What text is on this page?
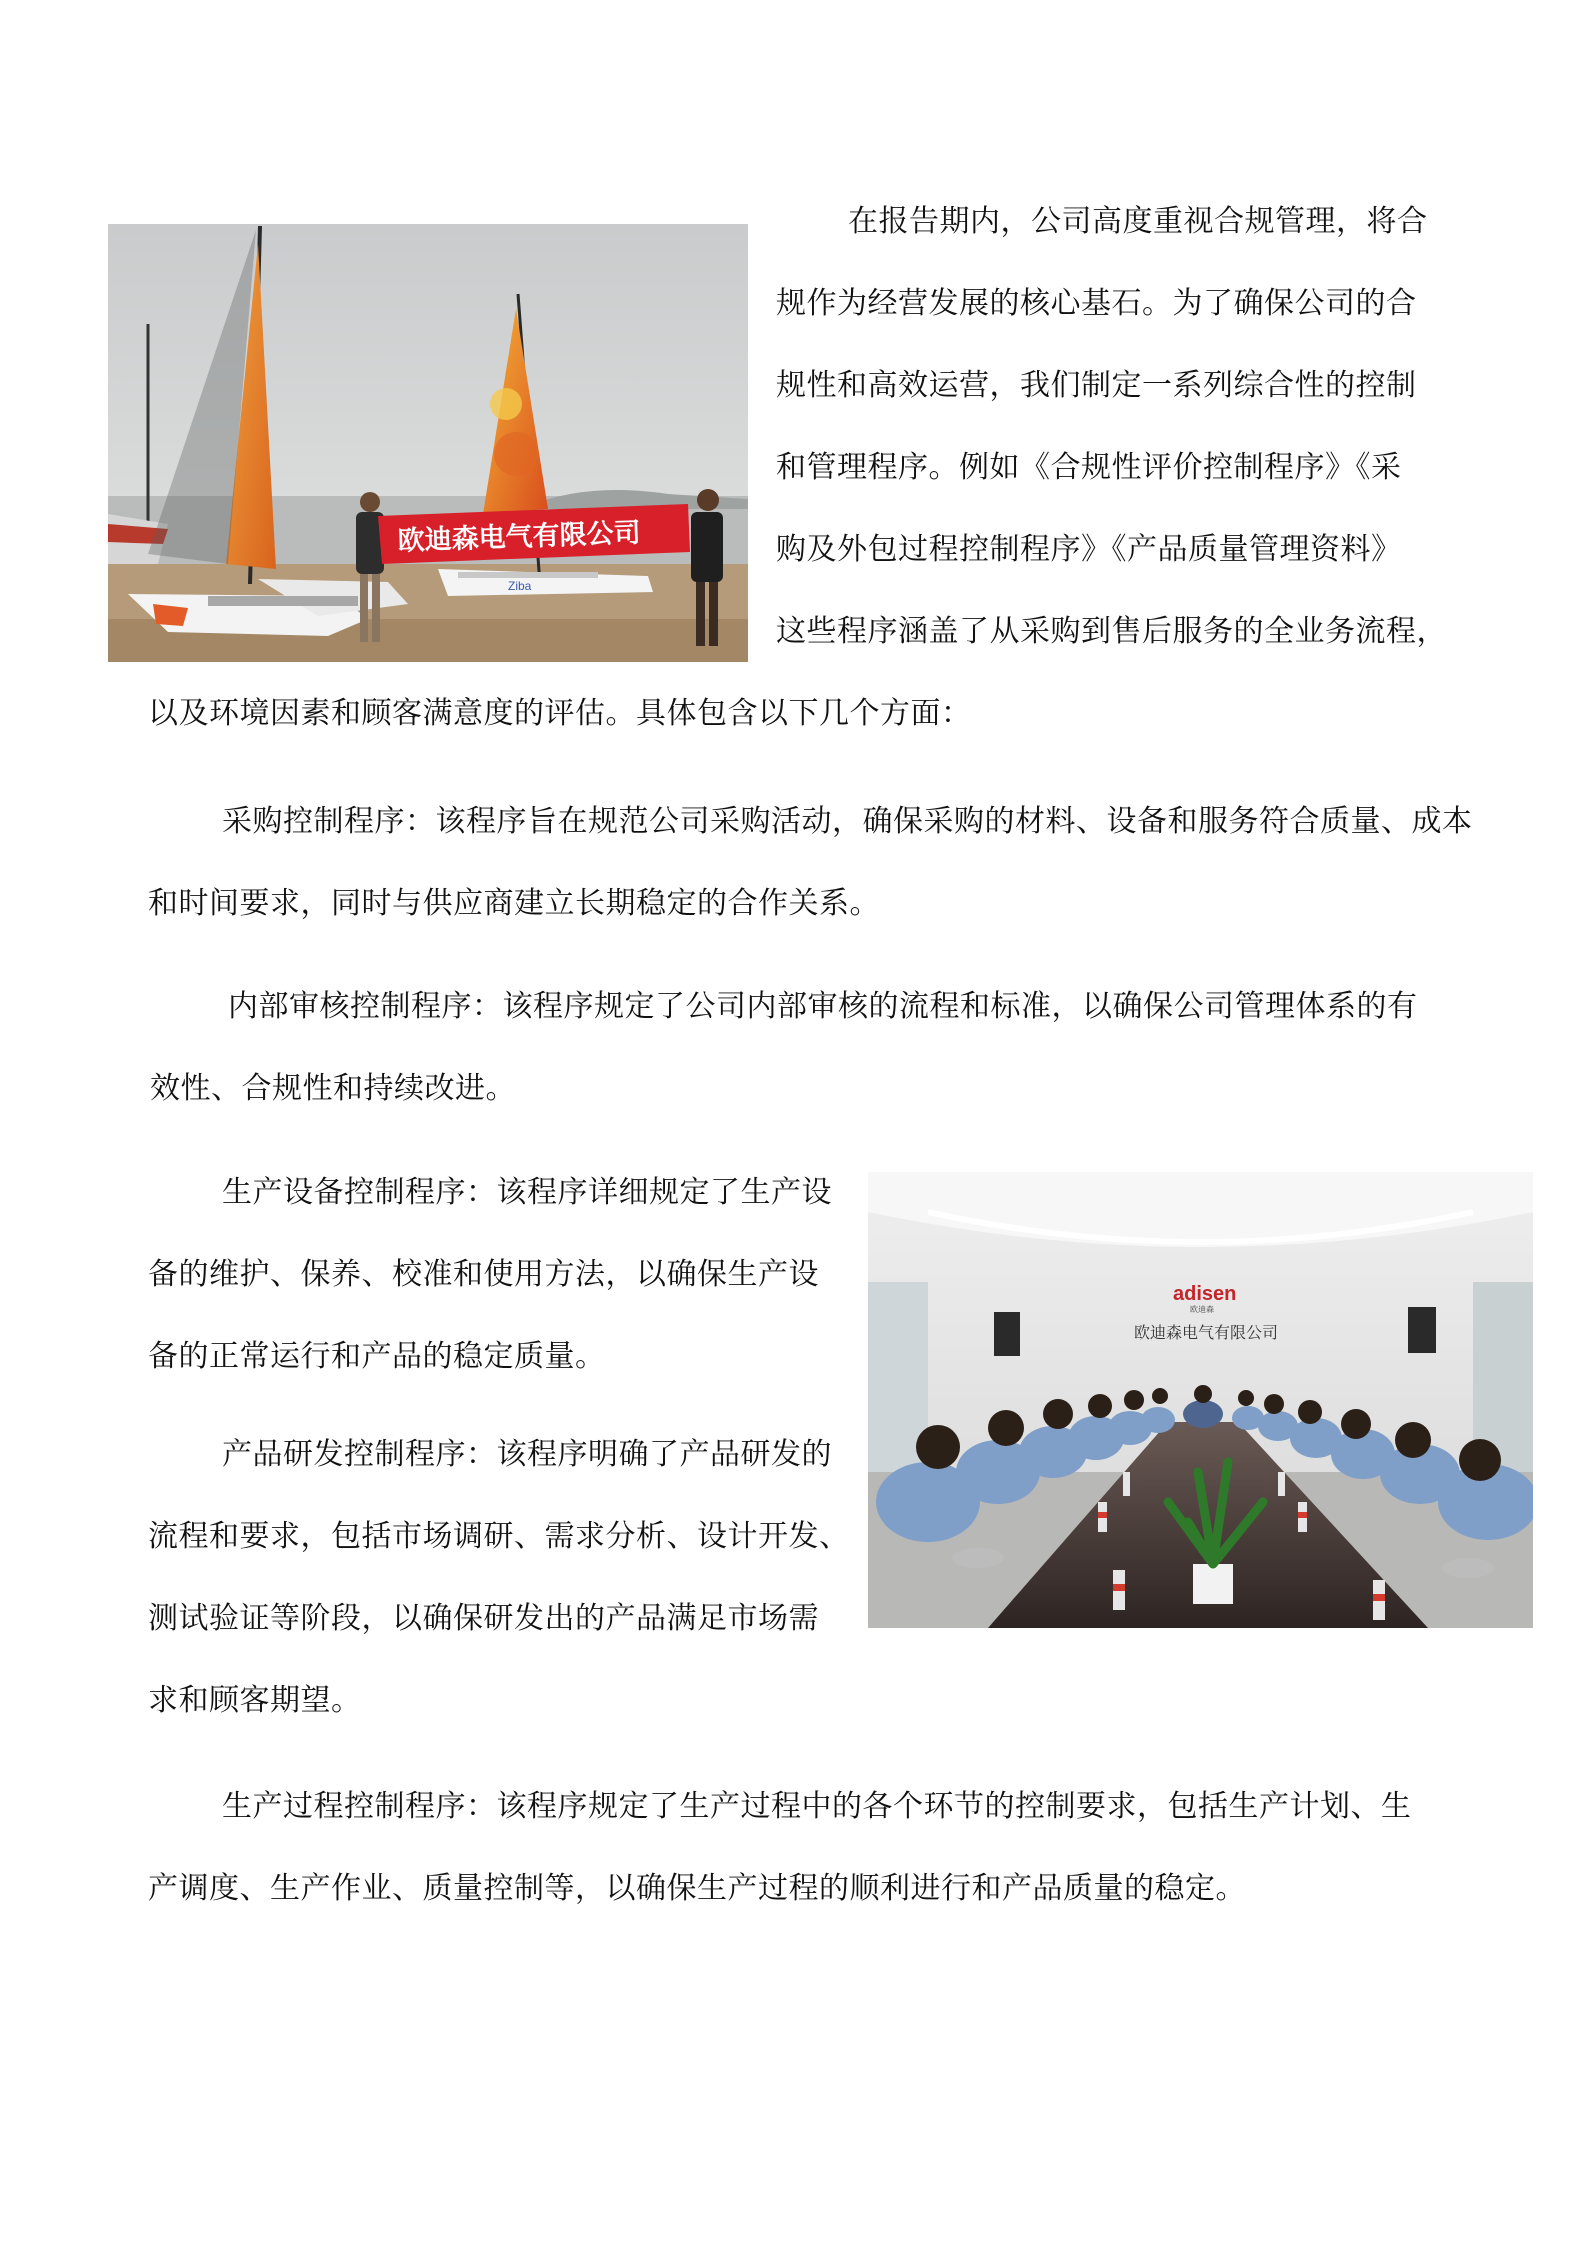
Ziba
欧迪森电气有限公司
adisen
欧迪森
欧迪森电气有限公司
在报告期内，公司高度重视合规管理，将合
规作为经营发展的核心基石。为了确保公司的合
规性和高效运营，我们制定一系列综合性的控制
和管理程序。例如《合规性评价控制程序》《采
购及外包过程控制程序》《产品质量管理资料》
这些程序涵盖了从采购到售后服务的全业务流程，
以及环境因素和顾客满意度的评估。具体包含以下几个方面：
采购控制程序：该程序旨在规范公司采购活动，确保采购的材料、设备和服务符合质量、成本
和时间要求，同时与供应商建立长期稳定的合作关系。
内部审核控制程序：该程序规定了公司内部审核的流程和标准，以确保公司管理体系的有
效性、合规性和持续改进。
生产设备控制程序：该程序详细规定了生产设
备的维护、保养、校准和使用方法，以确保生产设
备的正常运行和产品的稳定质量。
产品研发控制程序：该程序明确了产品研发的
流程和要求，包括市场调研、需求分析、设计开发、
测试验证等阶段，以确保研发出的产品满足市场需
求和顾客期望。
生产过程控制程序：该程序规定了生产过程中的各个环节的控制要求，包括生产计划、生
产调度、生产作业、质量控制等，以确保生产过程的顺利进行和产品质量的稳定。
